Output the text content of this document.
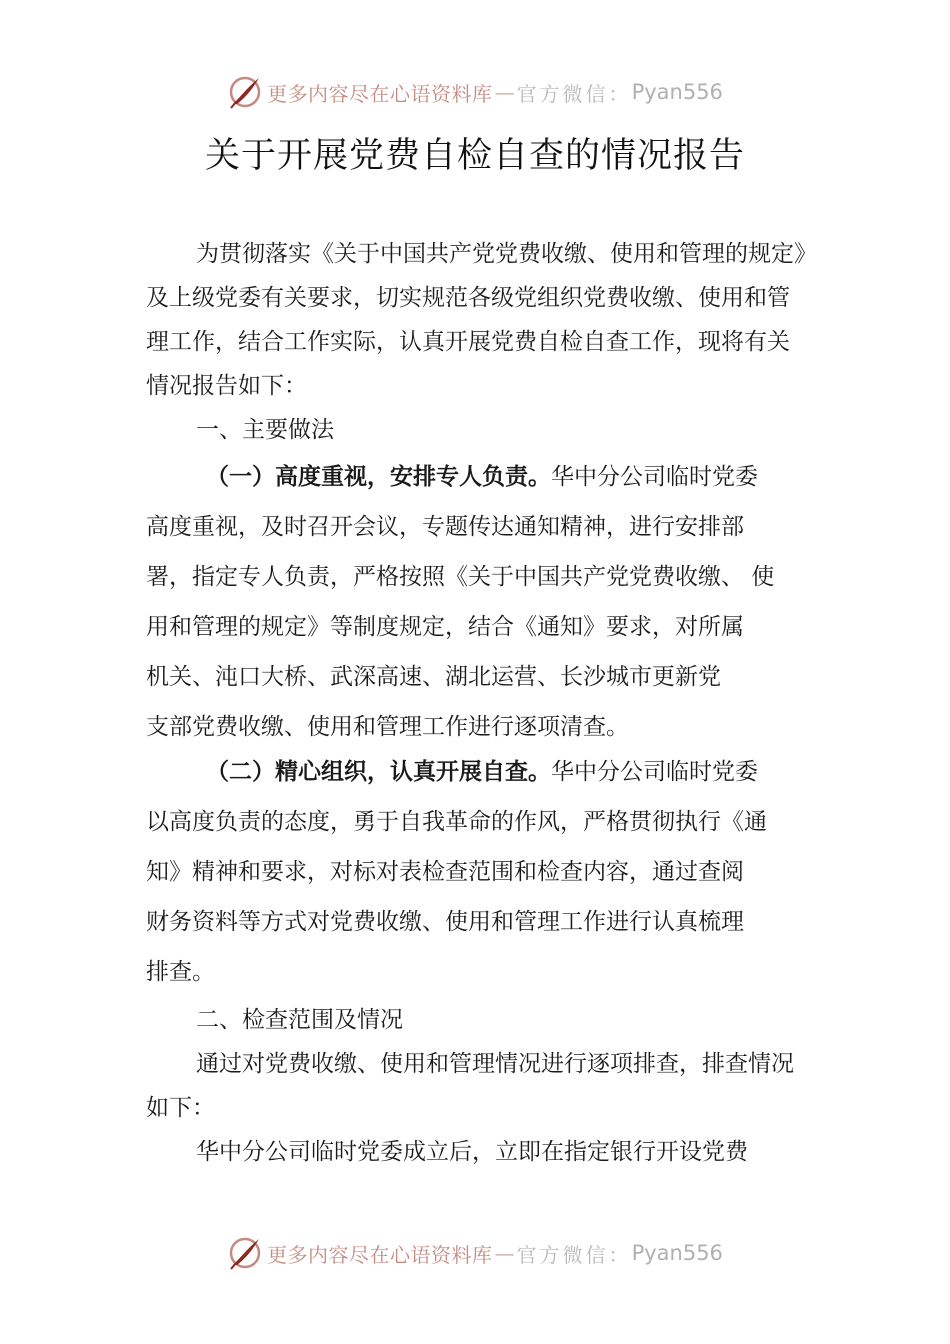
更多内容尽在心语资料库 — 官方微信： Pyan556
关于开展党费自检自查的情况报告
为贯彻落实《关于中国共产党党费收缴、使用和管理的规定》及上级党委有关要求，切实规范各级党组织党费收缴、使用和管理工作，结合工作实际，认真开展党费自检自查工作，现将有关情况报告如下：
一、主要做法
（一）高度重视，安排专人负责。华中分公司临时党委
高度重视，及时召开会议，专题传达通知精神，进行安排部
署，指定专人负责，严格按照《关于中国共产党党费收缴、 使
用和管理的规定》等制度规定，结合《通知》要求，对所属
机关、沌口大桥、武深高速、湖北运营、长沙城市更新党
支部党费收缴、使用和管理工作进行逐项清查。
（二）精心组织，认真开展自查。华中分公司临时党委
以高度负责的态度，勇于自我革命的作风，严格贯彻执行《通
知》精神和要求，对标对表检查范围和检查内容，通过查阅
财务资料等方式对党费收缴、使用和管理工作进行认真梳理
排查。
二、检查范围及情况
通过对党费收缴、使用和管理情况进行逐项排查，排查情况如下：
华中分公司临时党委成立后，立即在指定银行开设党费
更多内容尽在心语资料库 — 官方微信： Pyan556
